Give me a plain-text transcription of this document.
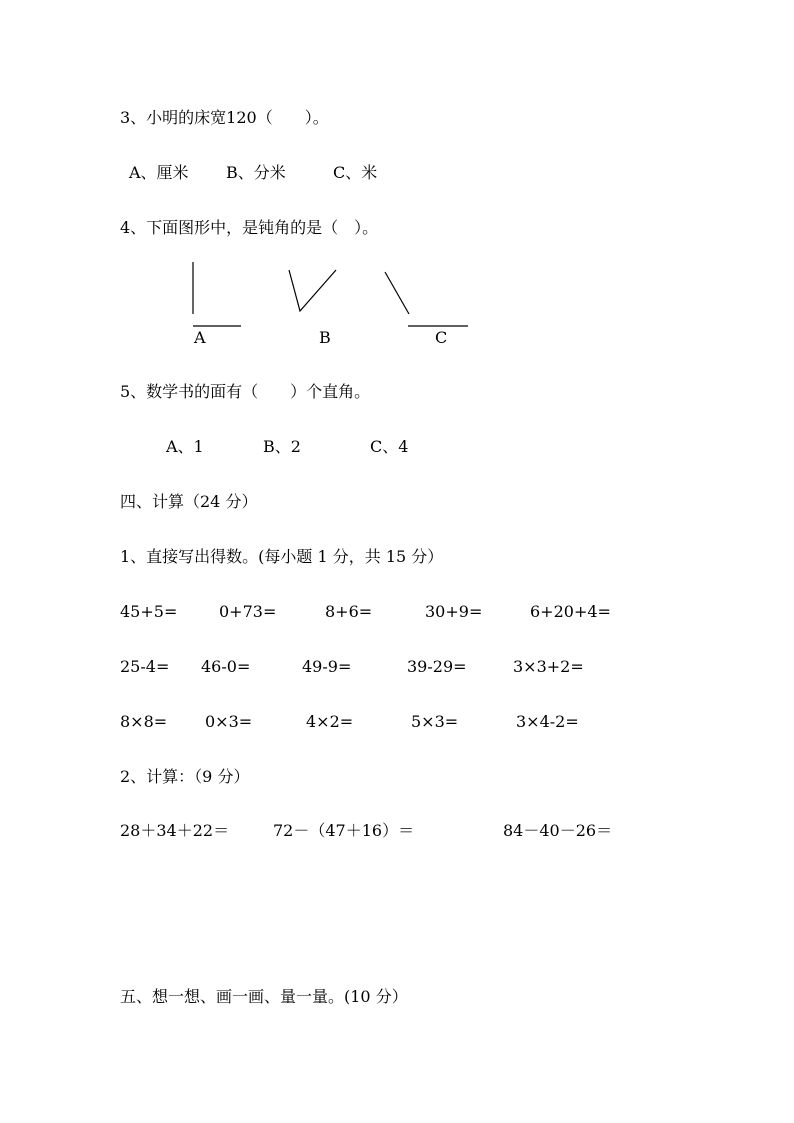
3、小明的床宽120（　　）。
A、厘米 B、分米	C、米
4、下面图形中，是钝角的是（　）。
A	B	C
5、数学书的面有（　　）个直角。
A、1	B、2	C、4
四、计算（24 分）
1、直接写出得数。(每小题 1 分，共 15 分）
45+5=	0+73=	8+6=	30+9=	6+20+4=
25-4= 46-0=	49-9=	39-29=	3×3+2=
8×8= 0×3=	4×2=	5×3=	3×4-2=
2、计算：（9 分）
28＋34＋22＝	72－（47＋16）＝	84－40－26＝
五、想一想、画一画、量一量。(10 分）
